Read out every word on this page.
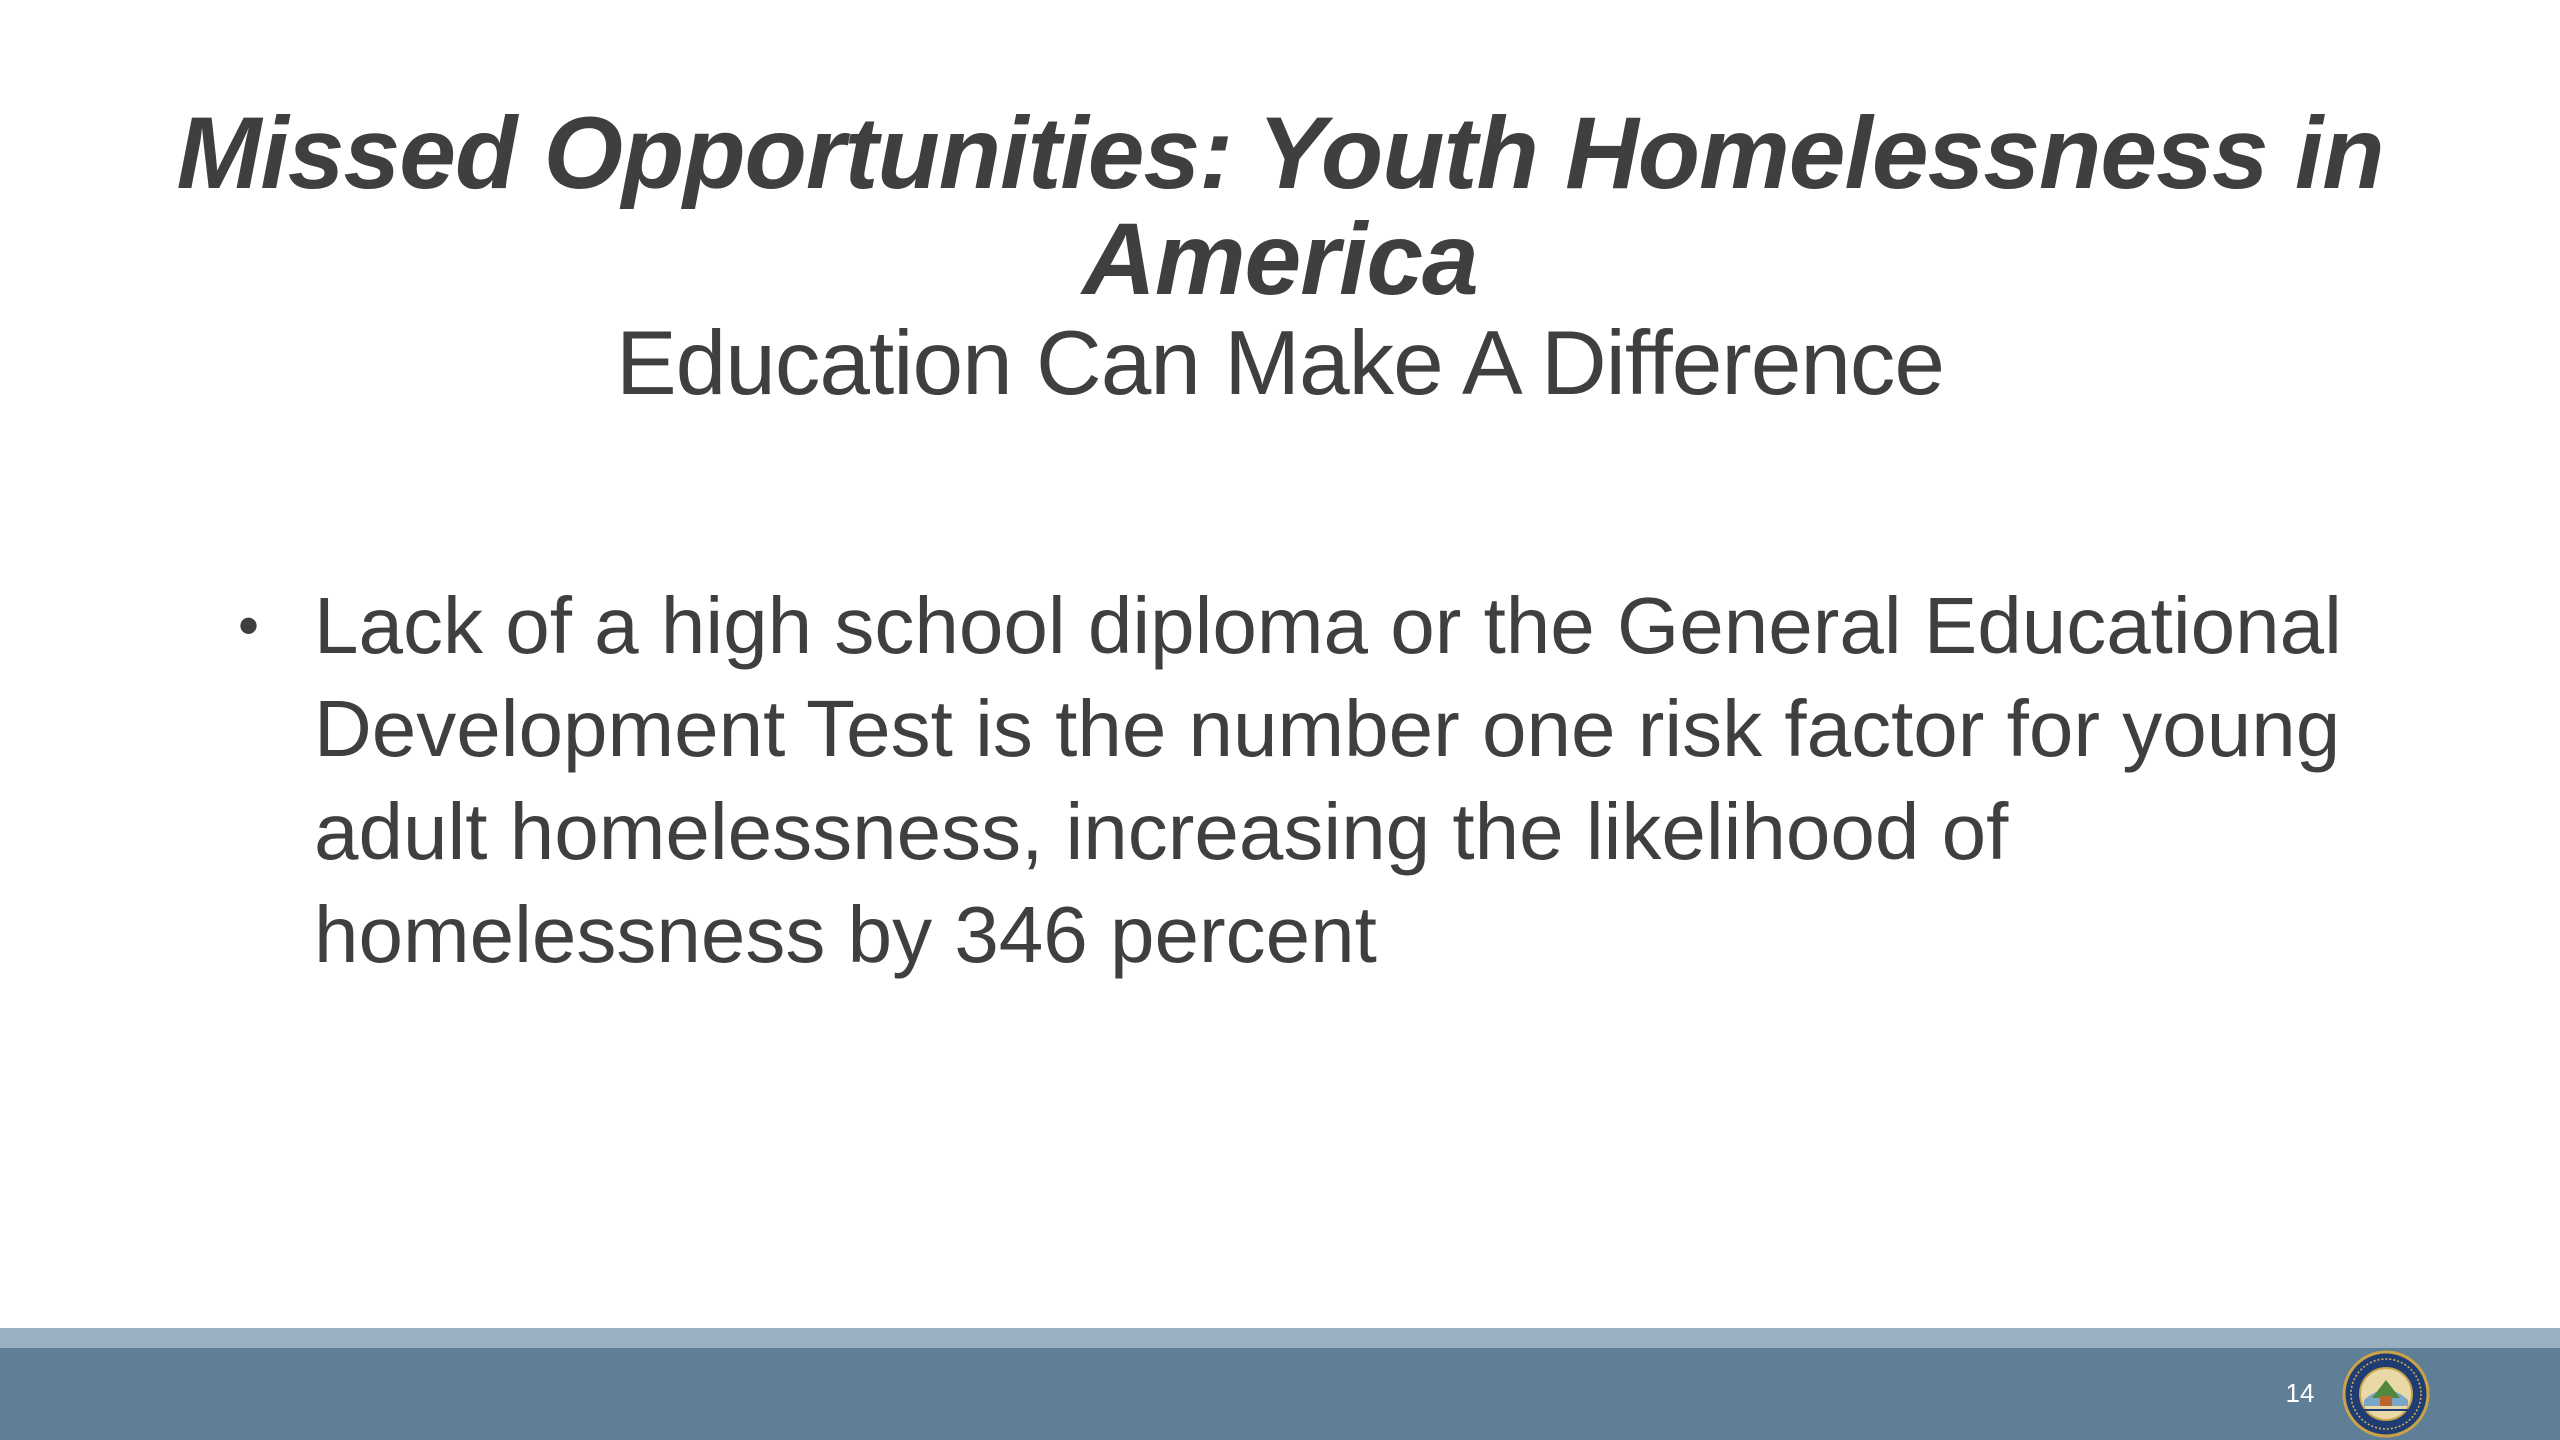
Missed Opportunities: Youth Homelessness in America

Education Can Make A Difference

• Lack of a high school diploma or the General Educational Development Test is the number one risk factor for young adult homelessness, increasing the likelihood of homelessness by 346 percent
14
